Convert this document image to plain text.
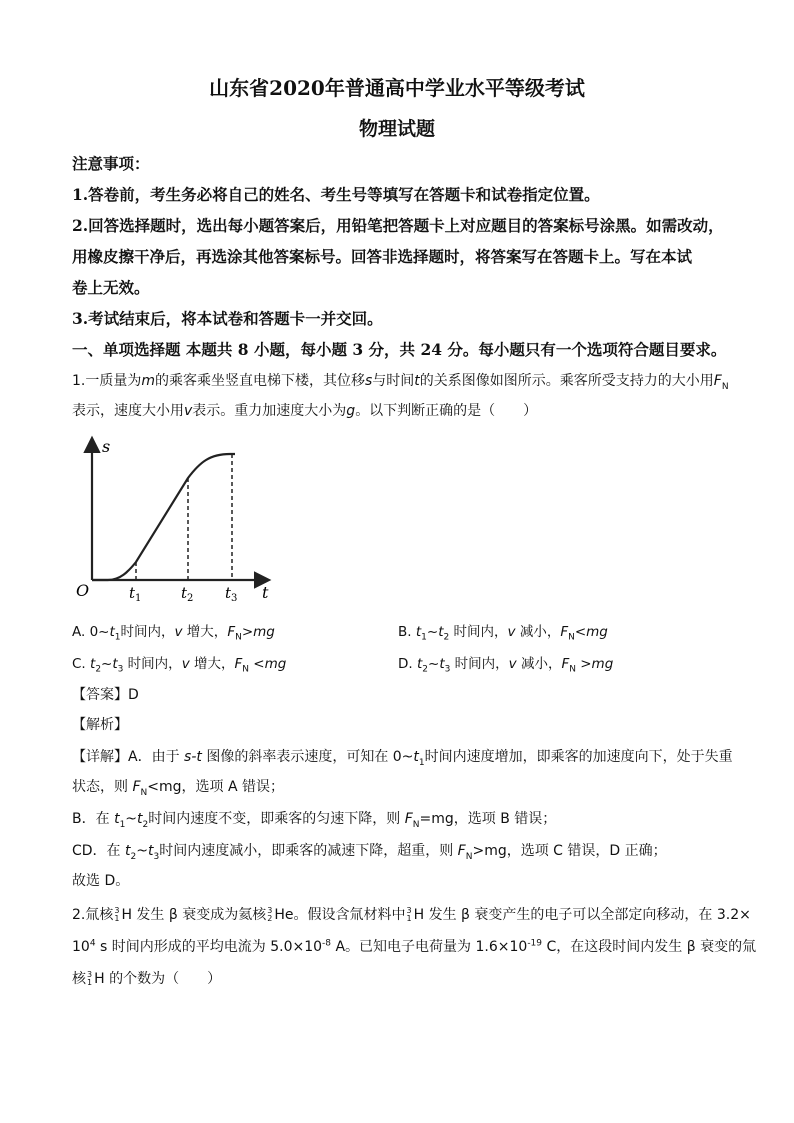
山东省2020年普通高中学业水平等级考试
物理试题
注意事项：
1.答卷前，考生务必将自己的姓名、考生号等填写在答题卡和试卷指定位置。
2.回答选择题时，选出每小题答案后，用铅笔把答题卡上对应题目的答案标号涂黑。如需改动，
用橡皮擦干净后，再选涂其他答案标号。回答非选择题时，将答案写在答题卡上。写在本试
卷上无效。
3.考试结束后，将本试卷和答题卡一并交回。
一、单项选择题 本题共 8 小题，每小题 3 分，共 24 分。每小题只有一个选项符合题目要求。
1.一质量为m的乘客乘坐竖直电梯下楼，其位移s与时间t的关系图像如图所示。乘客所受支持力的大小用$F_N$
表示，速度大小用v表示。重力加速度大小为g。以下判断正确的是（　　）
s
t
O	$t_1$	$t_2$ $t_3$
A. $0\sim t_1$时间内，v 增大，$F_N>mg$	B. $t_1\sim t_2$ 时间内，v 减小，$F_N<mg$
C. $t_2\sim t_3$ 时间内，v 增大，$F_N <mg$	D. $t_2\sim t_3$ 时间内，v 减小，$F_N >mg$
【答案】D
【解析】
【详解】A．由于 s-t 图像的斜率表示速度，可知在 $0\sim t_1$时间内速度增加，即乘客的加速度向下，处于失重
状态，则 $F_N<mg$，选项 A 错误；
B．在 $t_1\sim t_2$时间内速度不变，即乘客的匀速下降，则 $F_N=mg$，选项 B 错误；
CD．在 $t_2\sim t_3$时间内速度减小，即乘客的减速下降，超重，则 $F_N>mg$，选项 C 错误，D 正确；
故选 D。
2.氚核 3
1 H 发生 β 衰变成为氦核 3
2 He。假设含氚材料中 3
1 H 发生 β 衰变产生的电子可以全部定向移动，在 3.2×
$10^4$ s 时间内形成的平均电流为 $5.0\times 10^{-8}$ A。已知电子电荷量为 $1.6\times 10^{-19}$ C，在这段时间内发生 β 衰变的氚
核 3
1 H 的个数为（　　）
